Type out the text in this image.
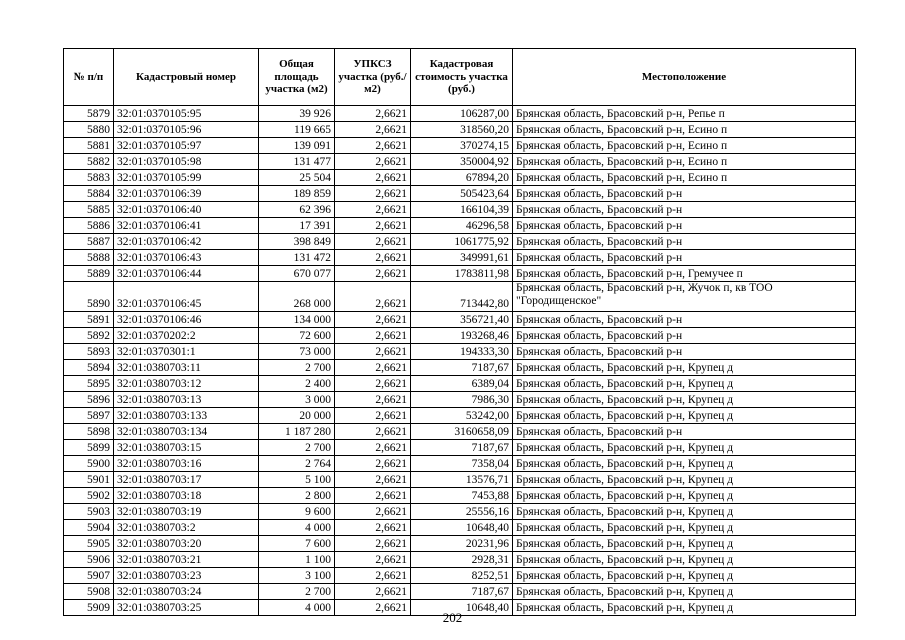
№ п/п	Кадастровый номер	Общая площадь участка (м2)	УПКСЗ участка (руб./м2)	Кадастровая стоимость участка (руб.)	Местоположение
5879	32:01:0370105:95	39 926	2,6621	106287,00	Брянская область, Брасовский р-н, Репье п
5880	32:01:0370105:96	119 665	2,6621	318560,20	Брянская область, Брасовский р-н, Есино п
5881	32:01:0370105:97	139 091	2,6621	370274,15	Брянская область, Брасовский р-н, Есино п
5882	32:01:0370105:98	131 477	2,6621	350004,92	Брянская область, Брасовский р-н, Есино п
5883	32:01:0370105:99	25 504	2,6621	67894,20	Брянская область, Брасовский р-н, Есино п
5884	32:01:0370106:39	189 859	2,6621	505423,64	Брянская область, Брасовский р-н
5885	32:01:0370106:40	62 396	2,6621	166104,39	Брянская область, Брасовский р-н
5886	32:01:0370106:41	17 391	2,6621	46296,58	Брянская область, Брасовский р-н
5887	32:01:0370106:42	398 849	2,6621	1061775,92	Брянская область, Брасовский р-н
5888	32:01:0370106:43	131 472	2,6621	349991,61	Брянская область, Брасовский р-н
5889	32:01:0370106:44	670 077	2,6621	1783811,98	Брянская область, Брасовский р-н, Гремучее п
5890	32:01:0370106:45	268 000	2,6621	713442,80	Брянская область, Брасовский р-н, Жучок п, кв ТОО "Городищенское"
5891	32:01:0370106:46	134 000	2,6621	356721,40	Брянская область, Брасовский р-н
5892	32:01:0370202:2	72 600	2,6621	193268,46	Брянская область, Брасовский р-н
5893	32:01:0370301:1	73 000	2,6621	194333,30	Брянская область, Брасовский р-н
5894	32:01:0380703:11	2 700	2,6621	7187,67	Брянская область, Брасовский р-н, Крупец д
5895	32:01:0380703:12	2 400	2,6621	6389,04	Брянская область, Брасовский р-н, Крупец д
5896	32:01:0380703:13	3 000	2,6621	7986,30	Брянская область, Брасовский р-н, Крупец д
5897	32:01:0380703:133	20 000	2,6621	53242,00	Брянская область, Брасовский р-н, Крупец д
5898	32:01:0380703:134	1 187 280	2,6621	3160658,09	Брянская область, Брасовский р-н
5899	32:01:0380703:15	2 700	2,6621	7187,67	Брянская область, Брасовский р-н, Крупец д
5900	32:01:0380703:16	2 764	2,6621	7358,04	Брянская область, Брасовский р-н, Крупец д
5901	32:01:0380703:17	5 100	2,6621	13576,71	Брянская область, Брасовский р-н, Крупец д
5902	32:01:0380703:18	2 800	2,6621	7453,88	Брянская область, Брасовский р-н, Крупец д
5903	32:01:0380703:19	9 600	2,6621	25556,16	Брянская область, Брасовский р-н, Крупец д
5904	32:01:0380703:2	4 000	2,6621	10648,40	Брянская область, Брасовский р-н, Крупец д
5905	32:01:0380703:20	7 600	2,6621	20231,96	Брянская область, Брасовский р-н, Крупец д
5906	32:01:0380703:21	1 100	2,6621	2928,31	Брянская область, Брасовский р-н, Крупец д
5907	32:01:0380703:23	3 100	2,6621	8252,51	Брянская область, Брасовский р-н, Крупец д
5908	32:01:0380703:24	2 700	2,6621	7187,67	Брянская область, Брасовский р-н, Крупец д
5909	32:01:0380703:25	4 000	2,6621	10648,40	Брянская область, Брасовский р-н, Крупец д
202
